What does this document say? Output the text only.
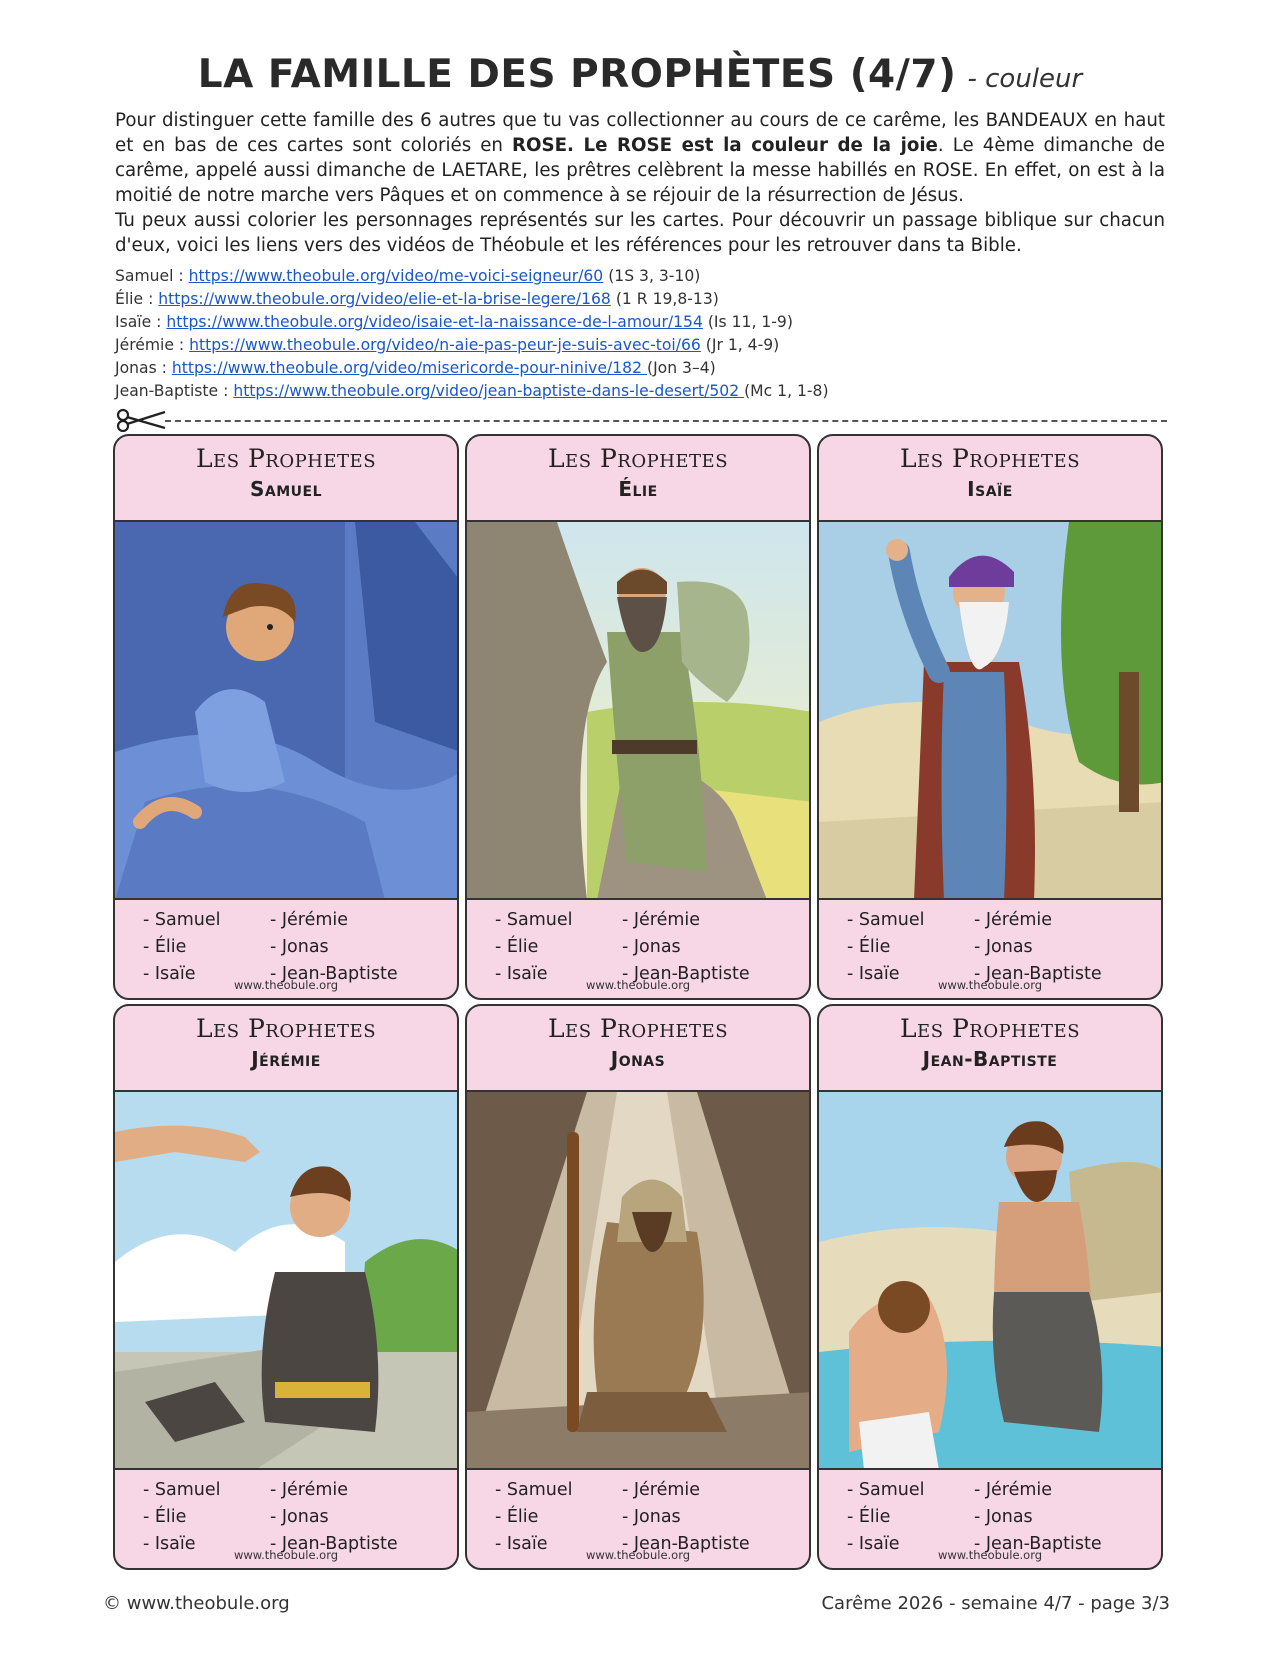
LA FAMILLE DES PROPHÈTES (4/7) - couleur

Pour distinguer cette famille des 6 autres que tu vas collectionner au cours de ce carême, les BANDEAUX en haut et en bas de ces cartes sont coloriés en ROSE. Le ROSE est la couleur de la joie. Le 4ème dimanche de carême, appelé aussi dimanche de LAETARE, les prêtres celèbrent la messe habillés en ROSE. En effet, on est à la moitié de notre marche vers Pâques et on commence à se réjouir de la résurrection de Jésus.

Tu peux aussi colorier les personnages représentés sur les cartes. Pour découvrir un passage biblique sur chacun d'eux, voici les liens vers des vidéos de Théobule et les références pour les retrouver dans ta Bible.

Samuel : https://www.theobule.org/video/me-voici-seigneur/60 (1S 3, 3-10)
Élie : https://www.theobule.org/video/elie-et-la-brise-legere/168 (1 R 19,8-13)
Isaïe : https://www.theobule.org/video/isaie-et-la-naissance-de-l-amour/154 (Is 11, 1-9)
Jérémie : https://www.theobule.org/video/n-aie-pas-peur-je-suis-avec-toi/66 (Jr 1, 4-9)
Jonas : https://www.theobule.org/video/misericorde-pour-ninive/182 (Jon 3–4)
Jean-Baptiste : https://www.theobule.org/video/jean-baptiste-dans-le-desert/502 (Mc 1, 1-8)
Les Prophetes
Samuel
- Samuel
- Élie
- Isaïe
- Jérémie
- Jonas
- Jean-Baptiste
www.theobule.org
Les Prophetes
Élie
- Samuel
- Élie
- Isaïe
- Jérémie
- Jonas
- Jean-Baptiste
www.theobule.org
Les Prophetes
Isaïe
- Samuel
- Élie
- Isaïe
- Jérémie
- Jonas
- Jean-Baptiste
www.theobule.org
Les Prophetes
Jérémie
- Samuel
- Élie
- Isaïe
- Jérémie
- Jonas
- Jean-Baptiste
www.theobule.org
Les Prophetes
Jonas
- Samuel
- Élie
- Isaïe
- Jérémie
- Jonas
- Jean-Baptiste
www.theobule.org
Les Prophetes
Jean-Baptiste
- Samuel
- Élie
- Isaïe
- Jérémie
- Jonas
- Jean-Baptiste
www.theobule.org
© www.theobule.org	Carême 2026 - semaine 4/7 - page 3/3
